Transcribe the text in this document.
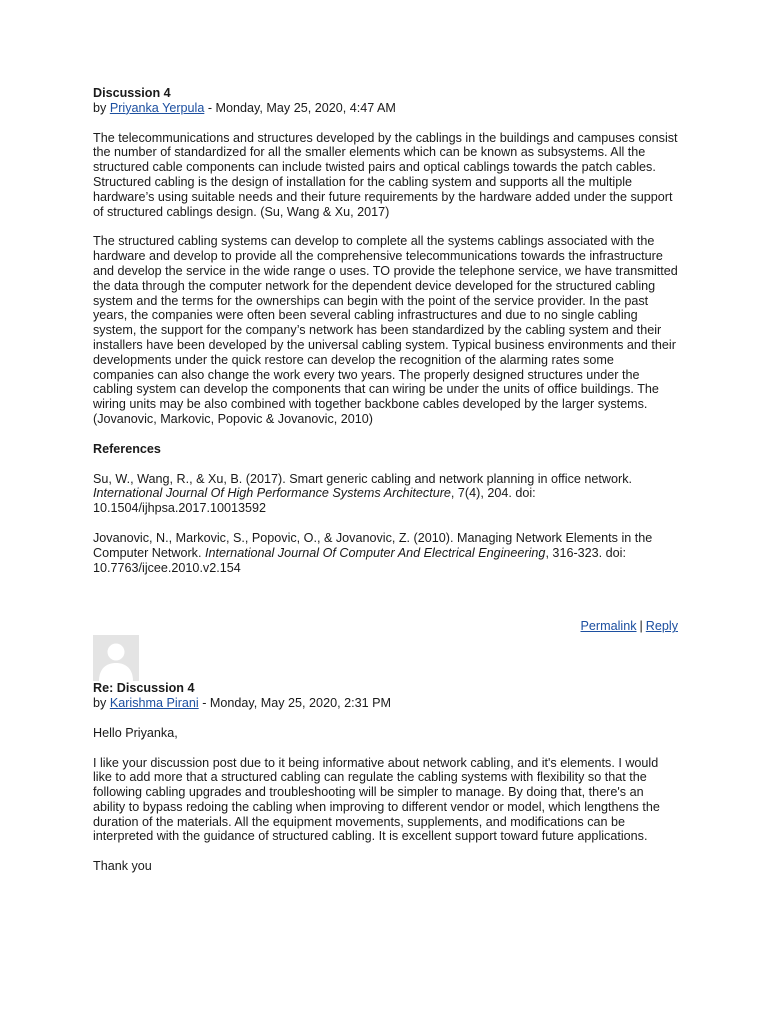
Discussion 4

by Priyanka Yerpula - Monday, May 25, 2020, 4:47 AM

The telecommunications and structures developed by the cablings in the buildings and campuses consist the number of standardized for all the smaller elements which can be known as subsystems. All the structured cable components can include twisted pairs and optical cablings towards the patch cables. Structured cabling is the design of installation for the cabling system and supports all the multiple hardware’s using suitable needs and their future requirements by the hardware added under the support of structured cablings design. (Su, Wang & Xu, 2017)

The structured cabling systems can develop to complete all the systems cablings associated with the hardware and develop to provide all the comprehensive telecommunications towards the infrastructure and develop the service in the wide range o uses. TO provide the telephone service, we have transmitted the data through the computer network for the dependent device developed for the structured cabling system and the terms for the ownerships can begin with the point of the service provider. In the past years, the companies were often been several cabling infrastructures and due to no single cabling system, the support for the company’s network has been standardized by the cabling system and their installers have been developed by the universal cabling system. Typical business environments and their developments under the quick restore can develop the recognition of the alarming rates some companies can also change the work every two years. The properly designed structures under the cabling system can develop the components that can wiring be under the units of office buildings. The wiring units may be also combined with together backbone cables developed by the larger systems. (Jovanovic, Markovic, Popovic & Jovanovic, 2010)

References

Su, W., Wang, R., & Xu, B. (2017). Smart generic cabling and network planning in office network. International Journal Of High Performance Systems Architecture, 7(4), 204. doi: 10.1504/ijhpsa.2017.10013592

Jovanovic, N., Markovic, S., Popovic, O., & Jovanovic, Z. (2010). Managing Network Elements in the Computer Network. International Journal Of Computer And Electrical Engineering, 316-323. doi: 10.7763/ijcee.2010.v2.154

Permalink | Reply

Re: Discussion 4

by Karishma Pirani - Monday, May 25, 2020, 2:31 PM

Hello Priyanka,

I like your discussion post due to it being informative about network cabling, and it's elements. I would like to add more that a structured cabling can regulate the cabling systems with flexibility so that the following cabling upgrades and troubleshooting will be simpler to manage. By doing that, there's an ability to bypass redoing the cabling when improving to different vendor or model, which lengthens the duration of the materials. All the equipment movements, supplements, and modifications can be interpreted with the guidance of structured cabling. It is excellent support toward future applications.

Thank you
